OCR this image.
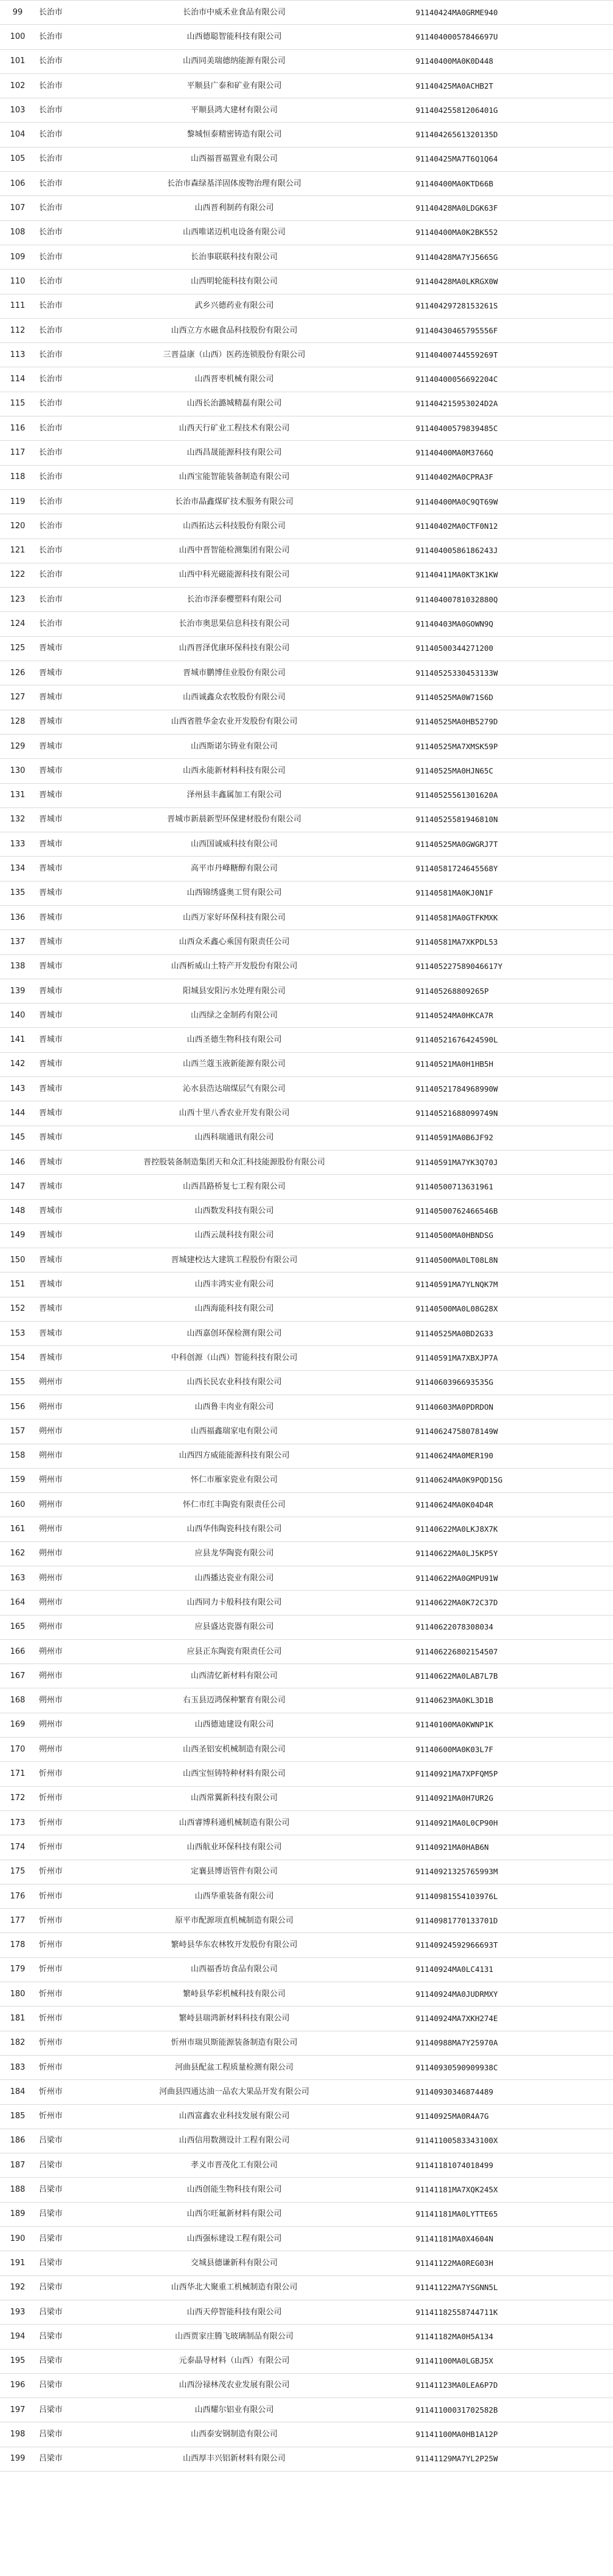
99	长治市	长治市中威禾业食品有限公司	91140424MA0GRME940
100	长治市	山西德聪智能科技有限公司	91140400057846697U
101	长治市	山西同美瑞德纳能源有限公司	91140400MA0K0D448
102	长治市	平顺县广泰和矿业有限公司	91140425MA0ACHB2T
103	长治市	平顺县鸿大建材有限公司	91140425581206401G
104	长治市	黎城恒泰精密铸造有限公司	91140426561320135D
105	长治市	山西福晋福置业有限公司	91140425MA7T6Q1Q64
106	长治市	长治市森绿基洋固体废物治理有限公司	91140400MA0KTD66B
107	长治市	山西晋利制药有限公司	91140428MA0LDGK63F
108	长治市	山西唯诺迈机电设备有限公司	91140400MA0K2BK552
109	长治市	长治事联联科技有限公司	91140428MA7YJ5665G
110	长治市	山西明轮能科技有限公司	91140428MA0LKRGX0W
111	长治市	武乡兴德药业有限公司	91140429728153261S
112	长治市	山西立方水磁食品科技股份有限公司	91140430465795556F
113	长治市	三晋益康（山西）医药连锁股份有限公司	91140400744559269T
114	长治市	山西晋枣机械有限公司	91140400056692204C
115	长治市	山西长治潞城精磊有限公司	911404215953024D2A
116	长治市	山西天行矿业工程技术有限公司	91140400579839485C
117	长治市	山西昌晟能源科技有限公司	91140400MA0M3766Q
118	长治市	山西宝能智能装备制造有限公司	91140402MA0CPRA3F
119	长治市	长治市晶鑫煤矿技术服务有限公司	91140400MA0C9QT69W
120	长治市	山西拓达云科技股份有限公司	91140402MA0CTF0N12
121	长治市	山西中晋智能检测集团有限公司	91140400586186243J
122	长治市	山西中科光磁能源科技有限公司	91140411MA0KT3K1KW
123	长治市	长治市泽泰樱塑料有限公司	91140400781032880Q
124	长治市	长治市奥思果信息科技有限公司	91140403MA0GOWN9Q
125	晋城市	山西晋泽优康环保科技有限公司	91140500344271200
126	晋城市	晋城市鹏博佳业股份有限公司	91140525330453133W
127	晋城市	山西诚鑫众农牧股份有限公司	91140525MA0W71S6D
128	晋城市	山西省胜华金农业开发股份有限公司	91140525MA0HB5279D
129	晋城市	山西斯诺尔铸业有限公司	91140525MA7XMSK59P
130	晋城市	山西永能新材料科技有限公司	91140525MA0HJN65C
131	晋城市	泽州县丰鑫属加工有限公司	91140525561301620A
132	晋城市	晋城市新晨新型环保建材股份有限公司	91140525581946810N
133	晋城市	山西国诚威科技有限公司	91140525MA0GWGRJ7T
134	晋城市	高平市丹峰糖醇有限公司	91140581724645568Y
135	晋城市	山西锦绣盛奥工贸有限公司	91140581MA0KJ0N1F
136	晋城市	山西万家好环保科技有限公司	91140581MA0GTFKMXK
137	晋城市	山西众禾鑫心乘国有限责任公司	91140581MA7XKPDL53
138	晋城市	山西析威山土特产开发股份有限公司	911405227589046617Y
139	晋城市	阳城县安阳污水处理有限公司	911405268809265P
140	晋城市	山西绿之金制药有限公司	91140524MA0HKCA7R
141	晋城市	山西圣德生物科技有限公司	91140521676424590L
142	晋城市	山西兰蔻玉液新能源有限公司	91140521MA0H1HB5H
143	晋城市	沁水县浩达瑞煤层气有限公司	91140521784968990W
144	晋城市	山西十里八香农业开发有限公司	91140521688099749N
145	晋城市	山西科瑞通讯有限公司	91140591MA0B6JF92
146	晋城市	晋控股装备制造集团天和众汇科技能源股份有限公司	91140591MA7YK3Q70J
147	晋城市	山西昌路桥复七工程有限公司	91140500713631961
148	晋城市	山西数发科技有限公司	91140500762466546B
149	晋城市	山西云晟科技有限公司	91140500MA0HBNDSG
150	晋城市	晋城建校达大建筑工程股份有限公司	91140500MA0LT08L8N
151	晋城市	山西丰鸿实业有限公司	91140591MA7YLNQK7M
152	晋城市	山西海能科技有限公司	91140500MA0L08G28X
153	晋城市	山西嘉创环保检测有限公司	91140525MA0BD2G33
154	晋城市	中科创源（山西）智能科技有限公司	91140591MA7XBXJP7A
155	朔州市	山西长民农业科技有限公司	9114060396693535G
156	朔州市	山西鲁丰肉业有限公司	91140603MA0PDRDON
157	朔州市	山西福鑫瑞家电有限公司	91140624758078149W
158	朔州市	山西四方威能能源科技有限公司	91140624MA0MER190
159	朔州市	怀仁市雁家瓷业有限公司	91140624MA0K9PQD15G
160	朔州市	怀仁市红丰陶瓷有限责任公司	91140624MA0K04D4R
161	朔州市	山西华伟陶瓷科技有限公司	91140622MA0LKJ8X7K
162	朔州市	应县龙华陶瓷有限公司	91140622MA0LJ5KP5Y
163	朔州市	山西播达瓷业有限公司	91140622MA0GMPU91W
164	朔州市	山西同力卡般科技有限公司	91140622MA0K72C37D
165	朔州市	应县盛达瓷器有限公司	91140622078308034
166	朔州市	应县正东陶瓷有限责任公司	911406226802154507
167	朔州市	山西清忆新材料有限公司	91140622MA0LAB7L7B
168	朔州市	右玉县迈鸿保种繁育有限公司	91140623MA0KL3D1B
169	朔州市	山西德迪建设有限公司	91140100MA0KWNP1K
170	朔州市	山西圣铝安机械制造有限公司	91140600MA0K03L7F
171	忻州市	山西宝恒铸特种材料有限公司	91140921MA7XPFQM5P
172	忻州市	山西常翼新科技有限公司	91140921MA0H7UR2G
173	忻州市	山西睿博科通机械制造有限公司	91140921MA0L0CP90H
174	忻州市	山西航业环保科技有限公司	91140921MA0HAB6N
175	忻州市	定襄县博语管件有限公司	91140921325765993M
176	忻州市	山西华重装备有限公司	91140981554103976L
177	忻州市	原平市配源项直机械制造有限公司	91140981770133701D
178	忻州市	繁峙县华东农林牧开发股份有限公司	91140924592966693T
179	忻州市	山西福香坊食品有限公司	91140924MA0LC4131
180	忻州市	繁峙县华彩机械科技有限公司	91140924MA0JUDRMXY
181	忻州市	繁峙县瑞鸿新材料科技有限公司	91140924MA7XKH274E
182	忻州市	忻州市瑞贝斯能源装备制造有限公司	91140988MA7Y25970A
183	忻州市	河曲县配盆工程质量检测有限公司	91140930590909938C
184	忻州市	河曲县四通达油一品农大果品开发有限公司	91140930346874489
185	忻州市	山西富鑫农业科技发展有限公司	91140925MA0R4A7G
186	吕梁市	山西信用数测设计工程有限公司	91141100583343100X
187	吕梁市	孝义市晋茂化工有限公司	91141181074018499
188	吕梁市	山西创能生物科技有限公司	91141181MA7XQK245X
189	吕梁市	山西尔旺氟新材料有限公司	91141181MA0LYTTE65
190	吕梁市	山西强标建设工程有限公司	91141181MA0X4604N
191	吕梁市	交城县德谦新科有限公司	91141122MA0REG03H
192	吕梁市	山西华北大聚重工机械制造有限公司	91141122MA7YSGNN5L
193	吕梁市	山西天停智能科技有限公司	91141182558744711K
194	吕梁市	山西贾家庄腾飞玻璃制品有限公司	91141182MA0H5A134
195	吕梁市	元泰晶导材料（山西）有限公司	91141100MA0LGBJ5X
196	吕梁市	山西汾禄林茂农业发展有限公司	91141123MA0LEA6P7D
197	吕梁市	山西耀尔铝业有限公司	91141100031702582B
198	吕梁市	山西泰安钢制造有限公司	91141100MA0HB1A12P
199	吕梁市	山西厚丰兴铝新材料有限公司	91141129MA7YL2P25W
